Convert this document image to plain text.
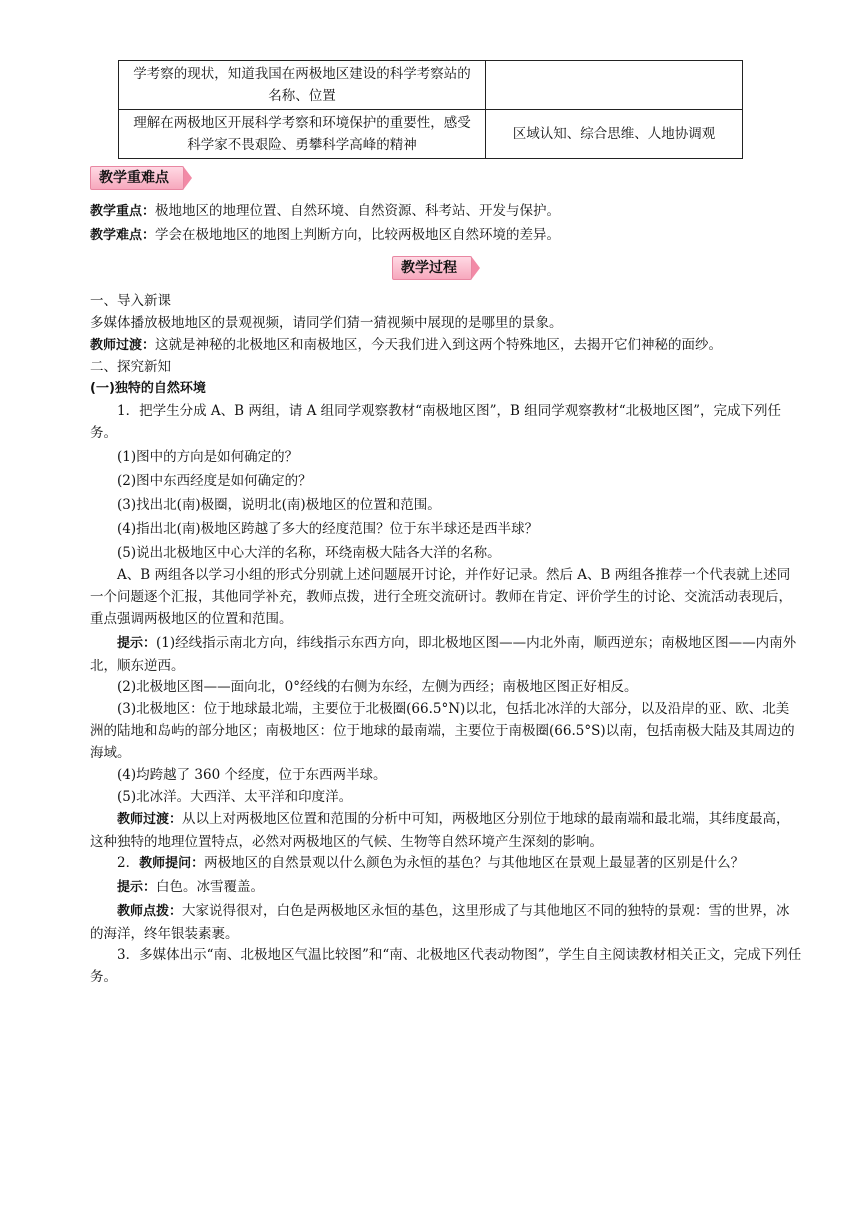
学考察的现状，知道我国在两极地区建设的科学考察站的名称、位置	
理解在两极地区开展科学考察和环境保护的重要性，感受科学家不畏艰险、勇攀科学高峰的精神	区域认知、综合思维、人地协调观
教学重难点
教学重点：极地地区的地理位置、自然环境、自然资源、科考站、开发与保护。
教学难点：学会在极地地区的地图上判断方向，比较两极地区自然环境的差异。
教学过程
一、导入新课
多媒体播放极地地区的景观视频，请同学们猜一猜视频中展现的是哪里的景象。
教师过渡：这就是神秘的北极地区和南极地区，今天我们进入到这两个特殊地区，去揭开它们神秘的面纱。
二、探究新知
(一)独特的自然环境
1．把学生分成 A、B 两组，请 A 组同学观察教材“南极地区图”，B 组同学观察教材“北极地区图”，完成下列任务。
(1)图中的方向是如何确定的？
(2)图中东西经度是如何确定的？
(3)找出北(南)极圈，说明北(南)极地区的位置和范围。
(4)指出北(南)极地区跨越了多大的经度范围？位于东半球还是西半球？
(5)说出北极地区中心大洋的名称，环绕南极大陆各大洋的名称。
A、B 两组各以学习小组的形式分别就上述问题展开讨论，并作好记录。然后 A、B 两组各推荐一个代表就上述同一个问题逐个汇报，其他同学补充，教师点拨，进行全班交流研讨。教师在肯定、评价学生的讨论、交流活动表现后，重点强调两极地区的位置和范围。
提示：(1)经线指示南北方向，纬线指示东西方向，即北极地区图——内北外南，顺西逆东；南极地区图——内南外北，顺东逆西。
(2)北极地区图——面向北，0°经线的右侧为东经，左侧为西经；南极地区图正好相反。
(3)北极地区：位于地球最北端，主要位于北极圈(66.5°N)以北，包括北冰洋的大部分，以及沿岸的亚、欧、北美洲的陆地和岛屿的部分地区；南极地区：位于地球的最南端，主要位于南极圈(66.5°S)以南，包括南极大陆及其周边的海域。
(4)均跨越了 360 个经度，位于东西两半球。
(5)北冰洋。大西洋、太平洋和印度洋。
教师过渡：从以上对两极地区位置和范围的分析中可知，两极地区分别位于地球的最南端和最北端，其纬度最高，这种独特的地理位置特点，必然对两极地区的气候、生物等自然环境产生深刻的影响。
2．教师提问：两极地区的自然景观以什么颜色为永恒的基色？与其他地区在景观上最显著的区别是什么？
提示：白色。冰雪覆盖。
教师点拨：大家说得很对，白色是两极地区永恒的基色，这里形成了与其他地区不同的独特的景观：雪的世界，冰的海洋，终年银装素裹。
3．多媒体出示“南、北极地区气温比较图”和“南、北极地区代表动物图”，学生自主阅读教材相关正文，完成下列任务。
